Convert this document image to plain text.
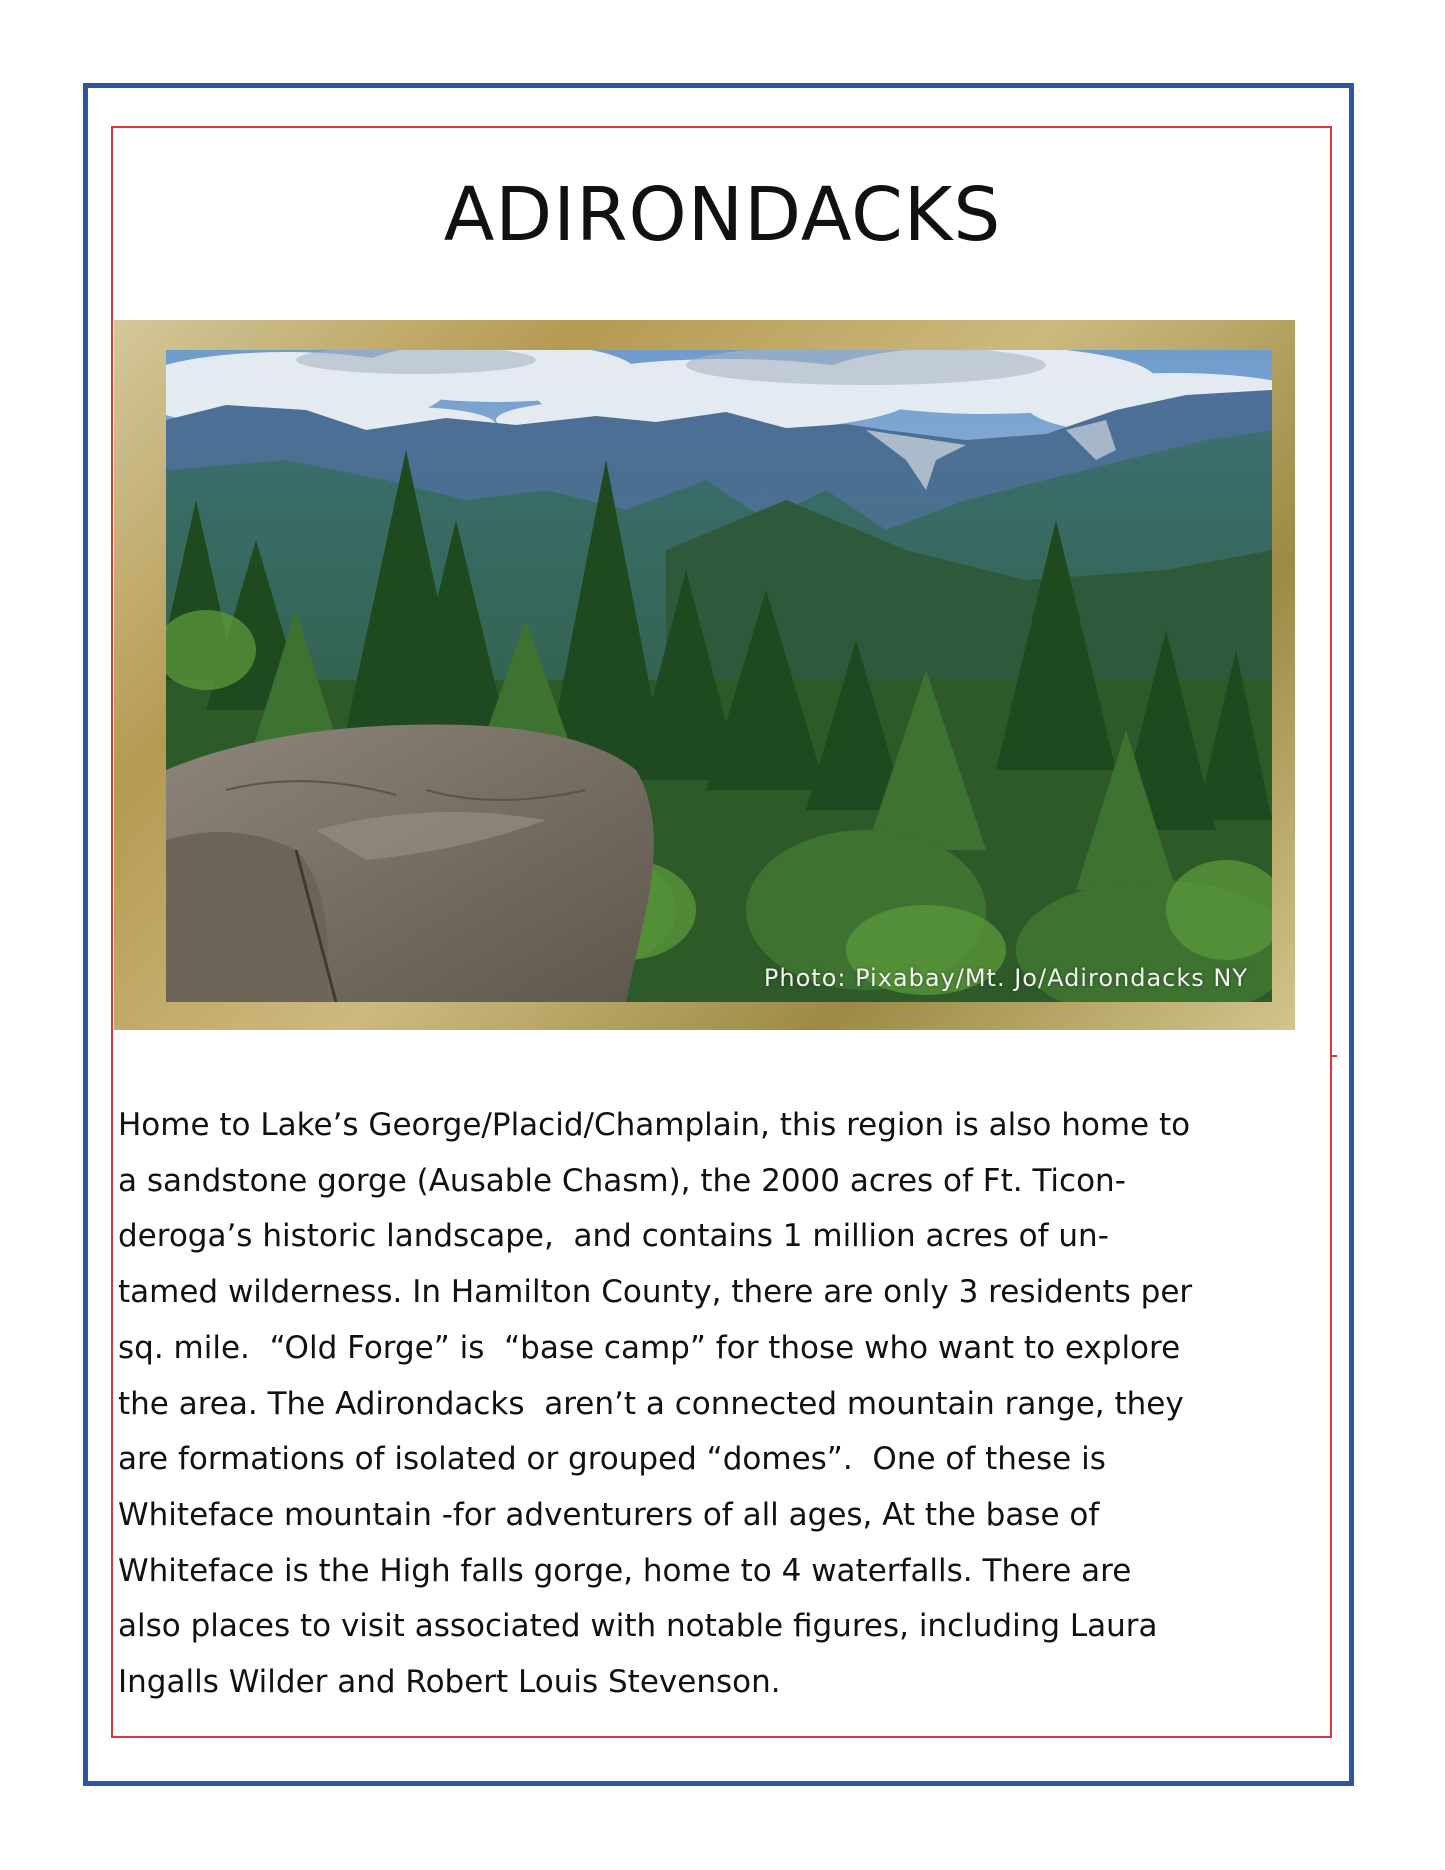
ADIRONDACKS
Photo: Pixabay/Mt. Jo/Adirondacks NY
Home to Lake’s George/Placid/Champlain, this region is also home to
a sandstone gorge (Ausable Chasm), the 2000 acres of Ft. Ticon-
deroga’s historic landscape,  and contains 1 million acres of un-
tamed wilderness. In Hamilton County, there are only 3 residents per
sq. mile.  “Old Forge” is  “base camp” for those who want to explore
the area. The Adirondacks  aren’t a connected mountain range, they
are formations of isolated or grouped “domes”.  One of these is
Whiteface mountain -for adventurers of all ages, At the base of
Whiteface is the High falls gorge, home to 4 waterfalls. There are
also places to visit associated with notable figures, including Laura
Ingalls Wilder and Robert Louis Stevenson.
